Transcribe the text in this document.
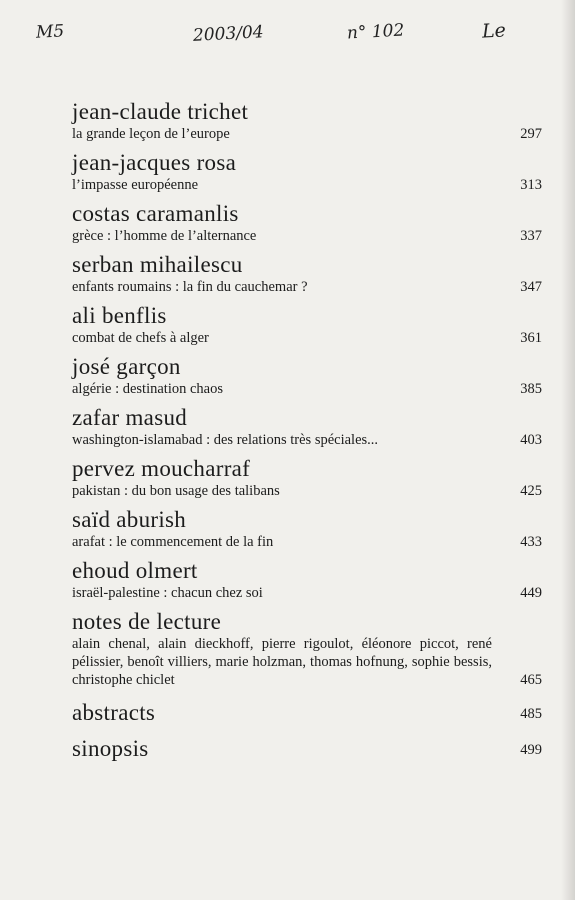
M5	2003/04	n° 102	Le
jean-claude trichet
la grande leçon de l’europe	297
jean-jacques rosa
l’impasse européenne	313
costas caramanlis
grèce : l’homme de l’alternance	337
serban mihailescu
enfants roumains : la fin du cauchemar ?	347
ali benflis
combat de chefs à alger	361
josé garçon
algérie : destination chaos	385
zafar masud
washington-islamabad : des relations très spéciales...	403
pervez moucharraf
pakistan : du bon usage des talibans	425
saïd aburish
arafat : le commencement de la fin	433
ehoud olmert
israël-palestine : chacun chez soi	449
notes de lecture
alain chenal, alain dieckhoff, pierre rigoulot, éléonore piccot, rené pélissier, benoît villiers, marie holzman, thomas hofnung, sophie bessis, christophe chiclet	465
abstracts	485
sinopsis	499
